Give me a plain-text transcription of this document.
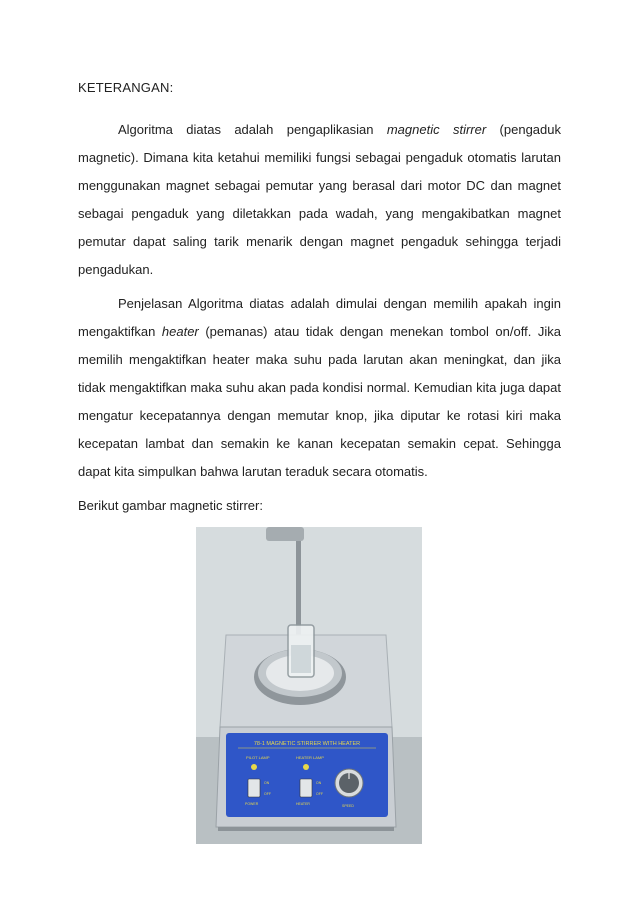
KETERANGAN:

Algoritma diatas adalah pengaplikasian magnetic stirrer (pengaduk magnetic). Dimana kita ketahui memiliki fungsi sebagai pengaduk otomatis larutan menggunakan magnet sebagai pemutar yang berasal dari motor DC dan magnet sebagai pengaduk yang diletakkan pada wadah, yang mengakibatkan magnet pemutar dapat saling tarik menarik dengan magnet pengaduk sehingga terjadi pengadukan.

Penjelasan Algoritma diatas adalah dimulai dengan memilih apakah ingin mengaktifkan heater (pemanas) atau tidak dengan menekan tombol on/off. Jika memilih mengaktifkan heater maka suhu pada larutan akan meningkat, dan jika tidak mengaktifkan maka suhu akan pada kondisi normal. Kemudian kita juga dapat mengatur kecepatannya dengan memutar knop, jika diputar ke rotasi kiri maka kecepatan lambat dan semakin ke kanan kecepatan semakin cepat. Sehingga dapat kita simpulkan bahwa larutan teraduk secara otomatis.

Berikut gambar magnetic stirrer:
78-1 MAGNETIC STIRRER WITH HEATER
PILOT LAMP	HEATER LAMP
ON
OFF
ON
OFF
POWER	HEATER	SPEED
